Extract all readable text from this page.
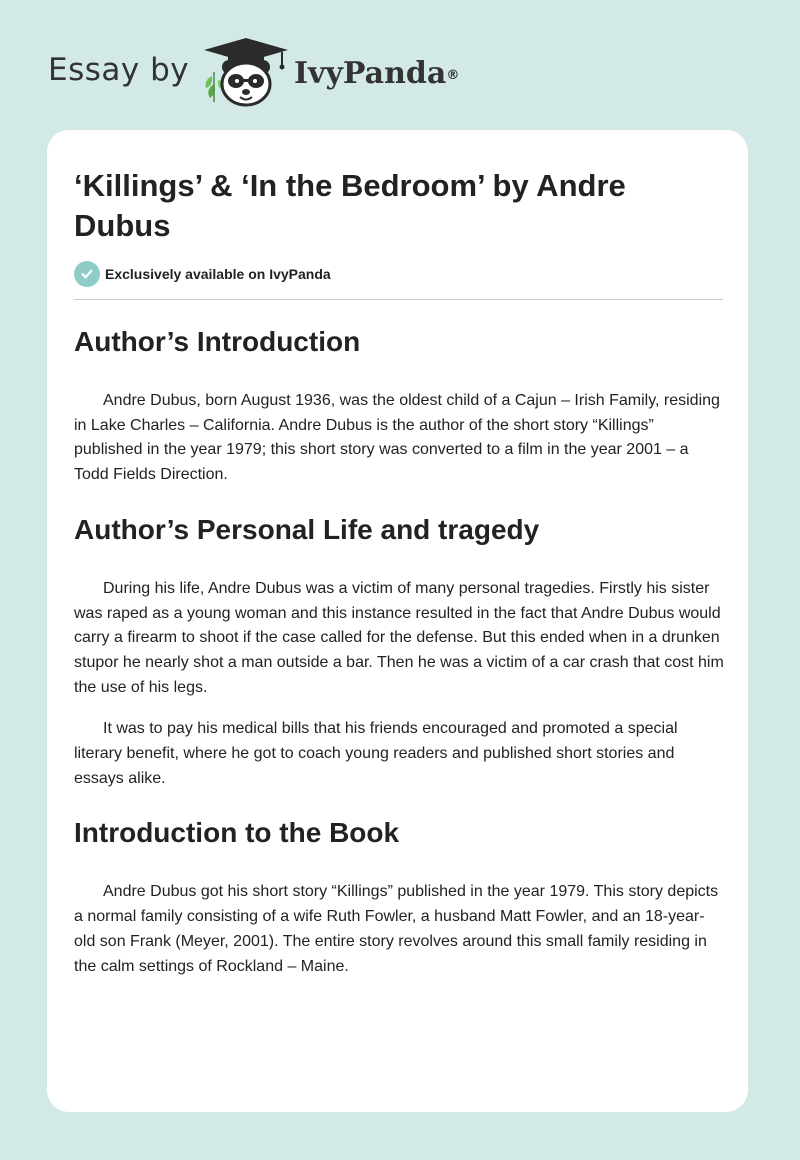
Essay by	IvyPanda®
‘Killings’ & ‘In the Bedroom’ by Andre Dubus
Exclusively available on IvyPanda
Author’s Introduction

Andre Dubus, born August 1936, was the oldest child of a Cajun – Irish Family, residing in Lake Charles – California. Andre Dubus is the author of the short story “Killings” published in the year 1979; this short story was converted to a film in the year 2001 – a Todd Fields Direction.

Author’s Personal Life and tragedy

During his life, Andre Dubus was a victim of many personal tragedies. Firstly his sister was raped as a young woman and this instance resulted in the fact that Andre Dubus would carry a firearm to shoot if the case called for the defense. But this ended when in a drunken stupor he nearly shot a man outside a bar. Then he was a victim of a car crash that cost him the use of his legs.

It was to pay his medical bills that his friends encouraged and promoted a special literary benefit, where he got to coach young readers and published short stories and essays alike.

Introduction to the Book

Andre Dubus got his short story “Killings” published in the year 1979. This story depicts a normal family consisting of a wife Ruth Fowler, a husband Matt Fowler, and an 18-year-old son Frank (Meyer, 2001). The entire story revolves around this small family residing in the calm settings of Rockland – Maine.
